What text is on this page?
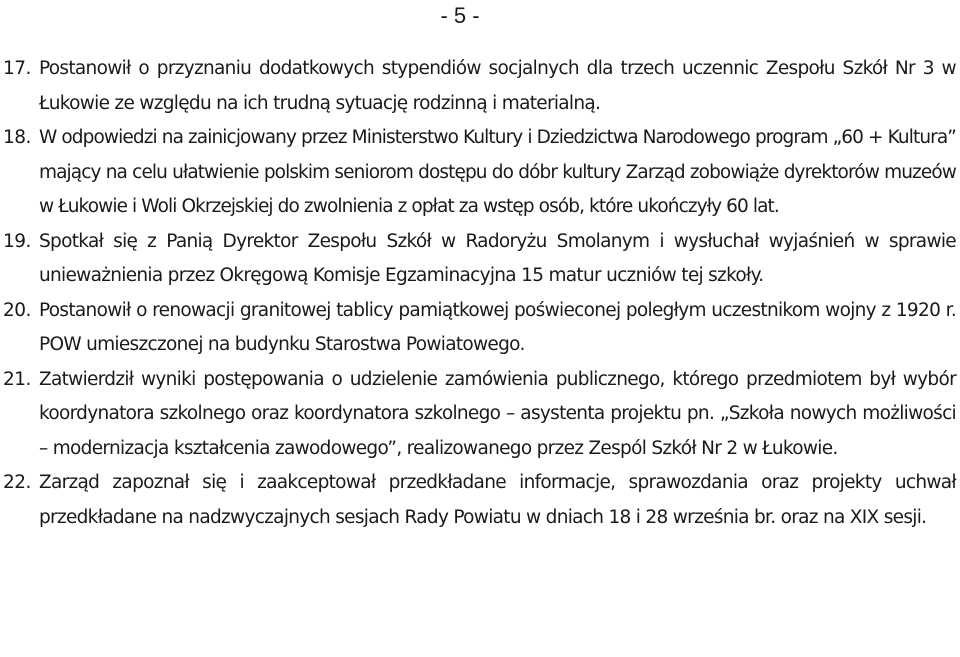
- 5 -
17. Postanowił o przyznaniu dodatkowych stypendiów socjalnych dla trzech uczennic Zespołu Szkół Nr 3 w Łukowie ze względu na ich trudną sytuację rodzinną i materialną.
18. W odpowiedzi na zainicjowany przez Ministerstwo Kultury i Dziedzictwa Narodowego program „60 + Kultura” mający na celu ułatwienie polskim seniorom dostępu do dóbr kultury Zarząd zobowiąże dyrektorów muzeów w Łukowie i Woli Okrzejskiej do zwolnienia z opłat za wstęp osób, które ukończyły 60 lat.
19. Spotkał się z Panią Dyrektor Zespołu Szkół w Radoryżu Smolanym i wysłuchał wyjaśnień w sprawie unieważnienia przez Okręgową Komisje Egzaminacyjna 15 matur uczniów tej szkoły.
20. Postanowił o renowacji granitowej tablicy pamiątkowej poświeconej poległym uczestnikom wojny z 1920 r. POW umieszczonej na budynku Starostwa Powiatowego.
21. Zatwierdził wyniki postępowania o udzielenie zamówienia publicznego, którego przedmiotem był wybór koordynatora szkolnego oraz koordynatora szkolnego – asystenta projektu pn. „Szkoła nowych możliwości – modernizacja kształcenia zawodowego”, realizowanego przez Zespól Szkół Nr 2 w Łukowie.
22. Zarząd zapoznał się i zaakceptował przedkładane informacje, sprawozdania oraz projekty uchwał przedkładane na nadzwyczajnych sesjach Rady Powiatu w dniach 18 i 28 września br. oraz na XIX sesji.
